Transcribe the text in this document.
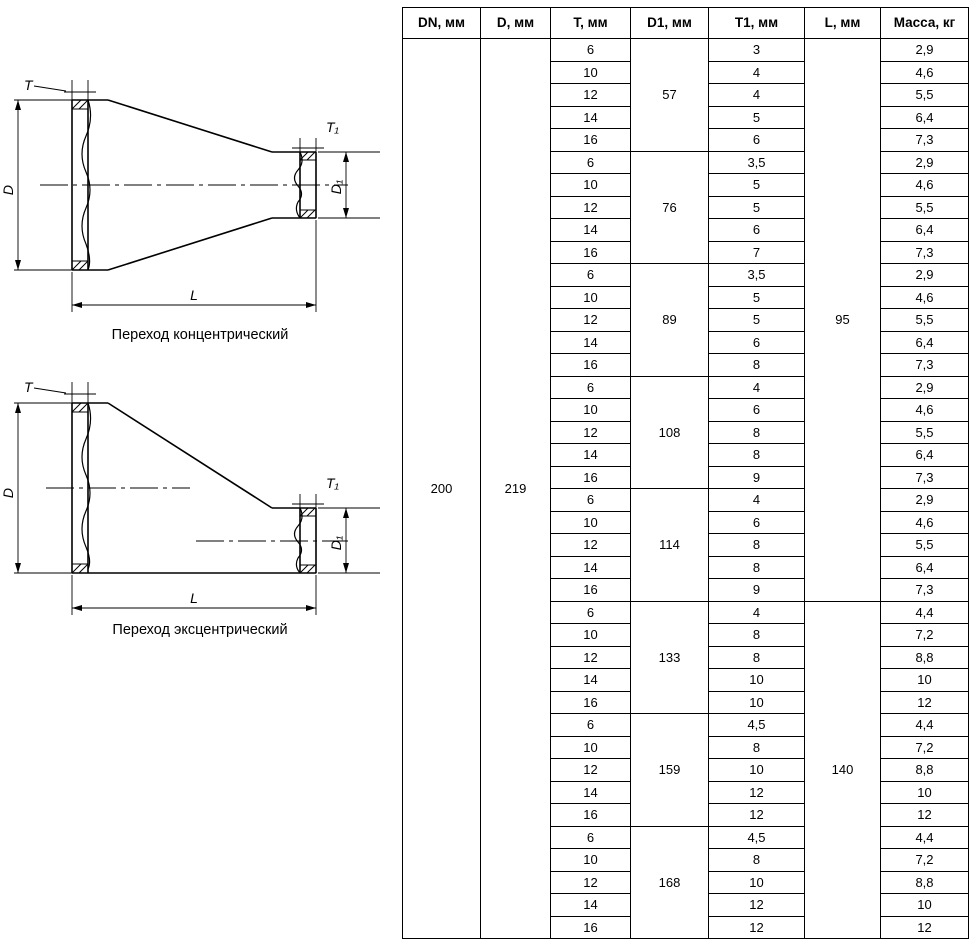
T
T₁
D	D₁
L
Переход концентрический
T
T₁
D
D₁
L
Переход эксцентрический
DN, мм	D, мм	T, мм	D1, мм	T1, мм	L, мм	Масса, кг
200	219	6	57	3	95	2,9
		10		4		4,6
		12		4		5,5
		14		5		6,4
		16		6		7,3
		6	76	3,5		2,9
		10		5		4,6
		12		5		5,5
		14		6		6,4
		16		7		7,3
		6	89	3,5		2,9
		10		5		4,6
		12		5		5,5
		14		6		6,4
		16		8		7,3
		6	108	4		2,9
		10		6		4,6
		12		8		5,5
		14		8		6,4
		16		9		7,3
		6	114	4		2,9
		10		6		4,6
		12		8		5,5
		14		8		6,4
		16		9		7,3
		6	133	4	140	4,4
		10		8		7,2
		12		8		8,8
		14		10		10
		16		10		12
		6	159	4,5		4,4
		10		8		7,2
		12		10		8,8
		14		12		10
		16		12		12
		6	168	4,5		4,4
		10		8		7,2
		12		10		8,8
		14		12		10
		16		12		12
